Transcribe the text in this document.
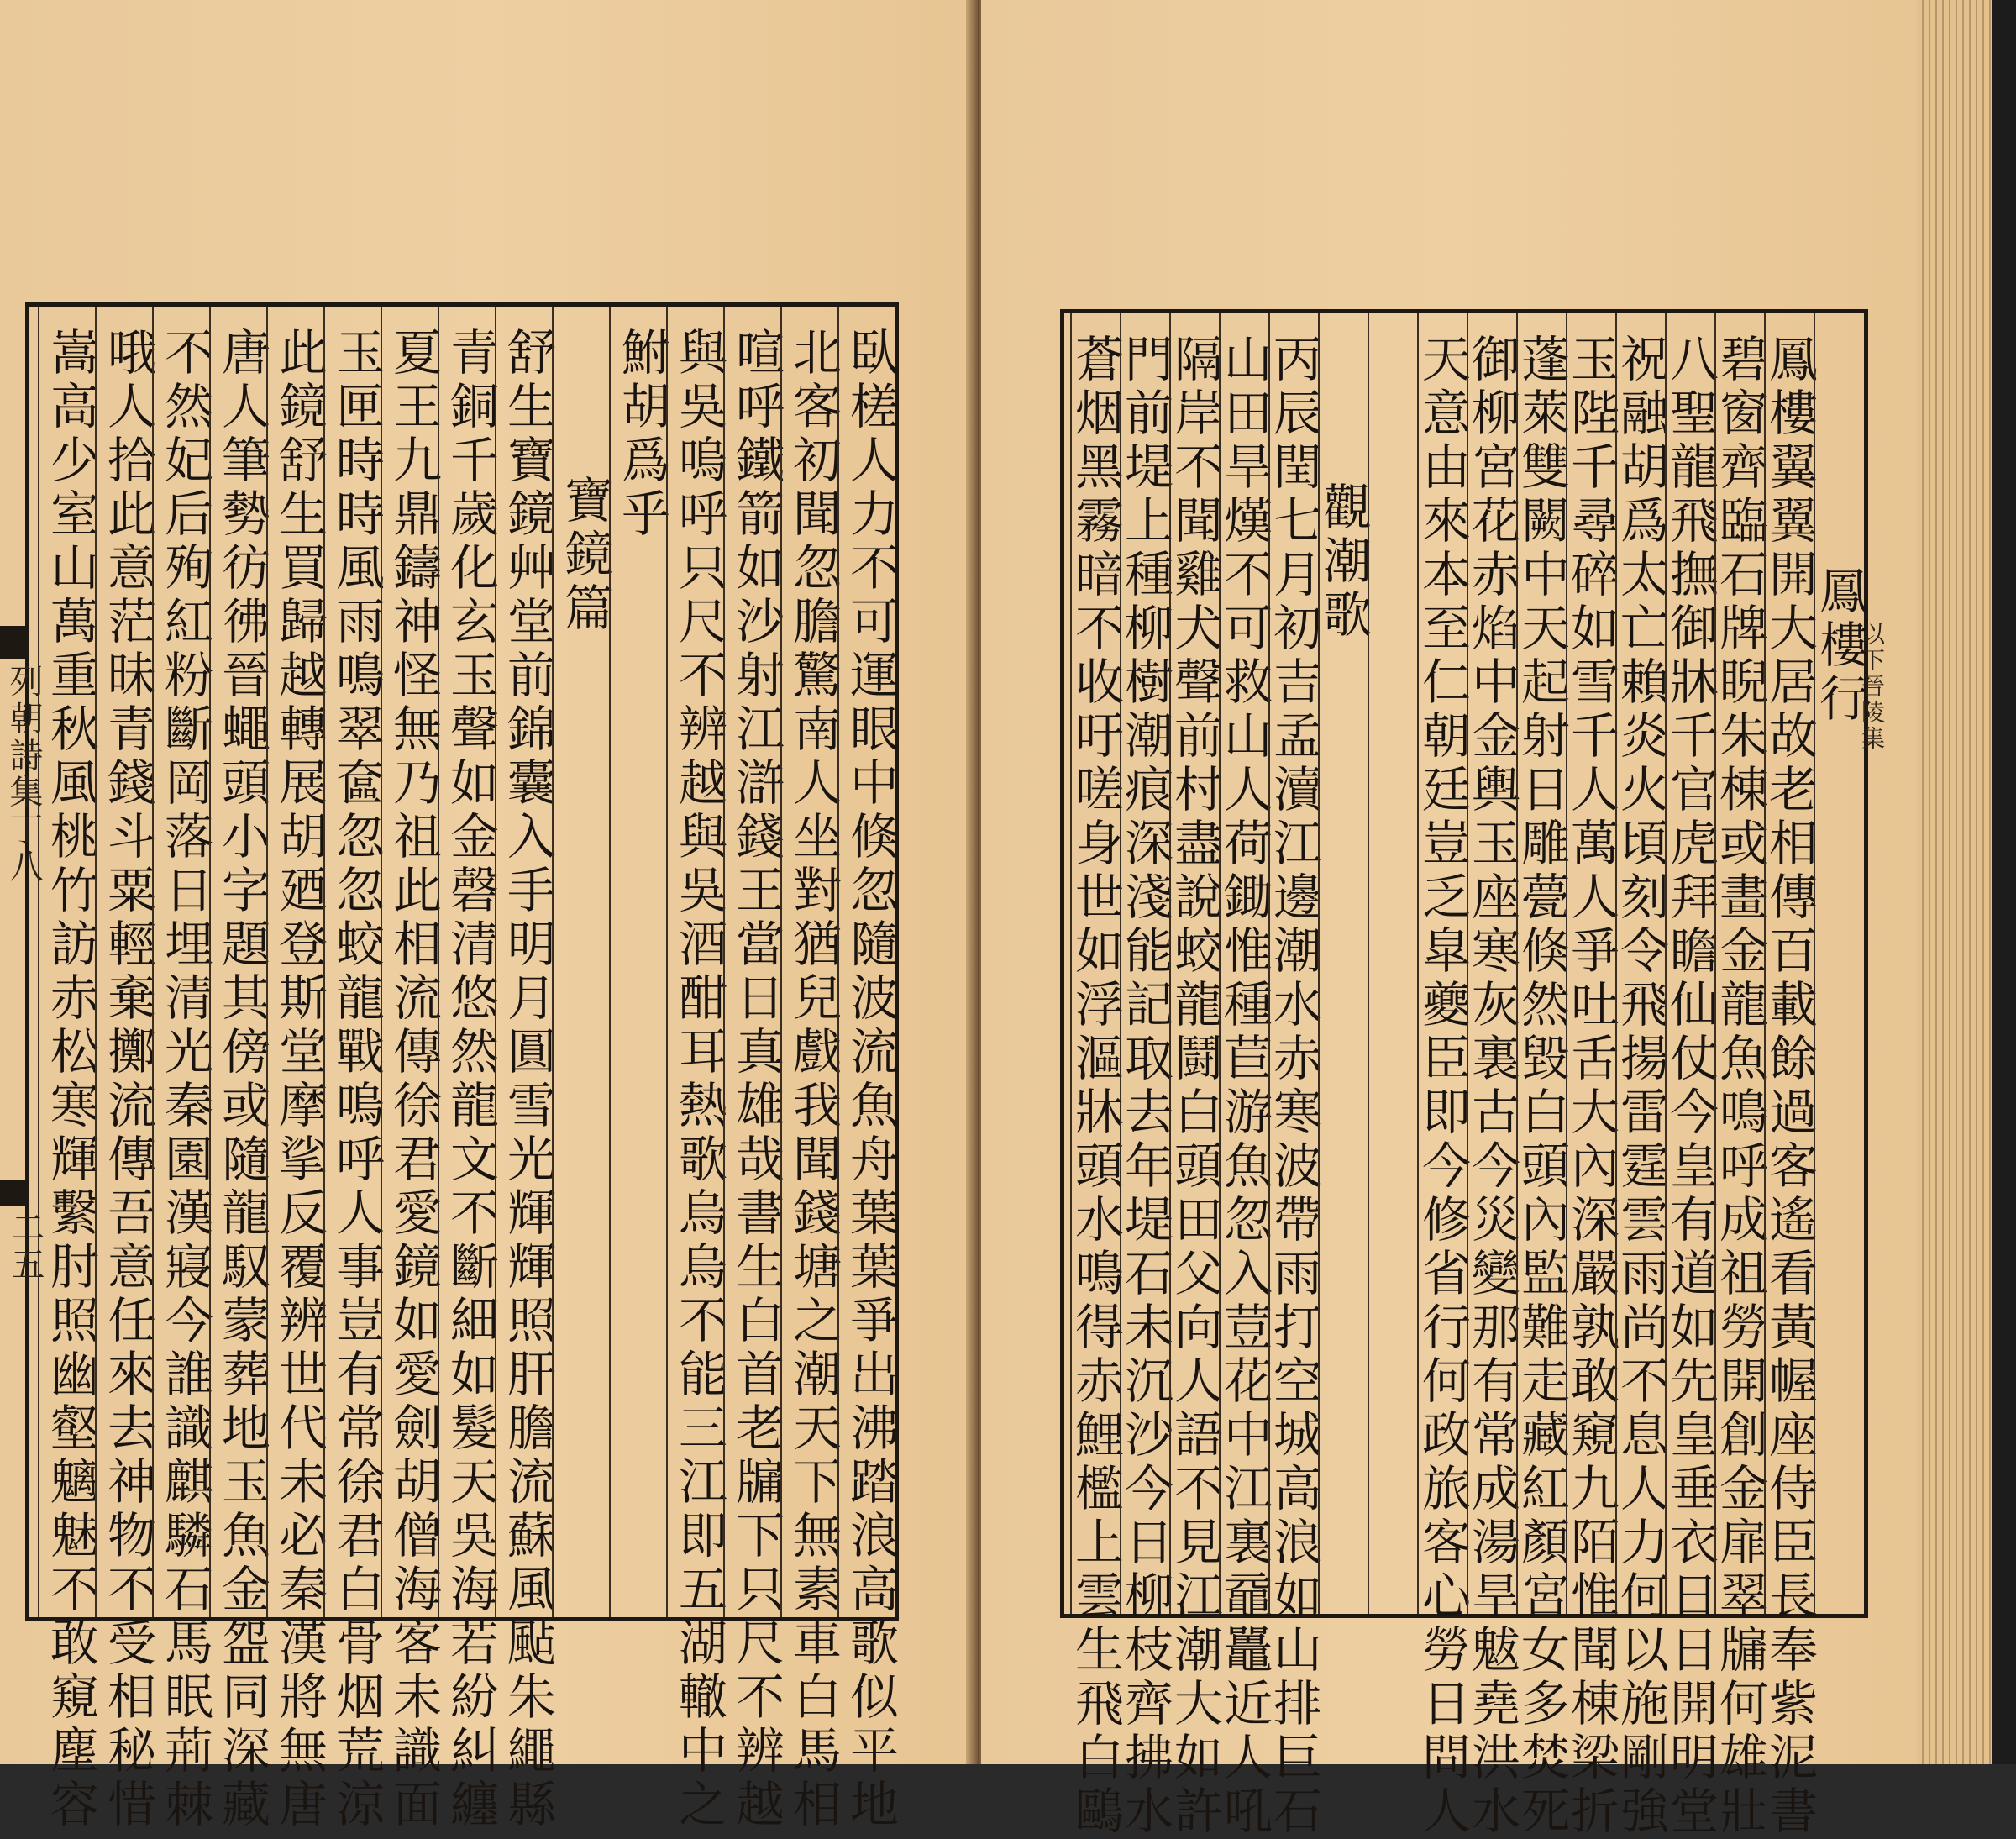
臥槎人力不可運眼中倏忽隨波流魚舟葉葉爭出沸踏浪高歌似平地
北客初聞忽膽驚南人坐對猶兒戲我聞錢塘之潮天下無素車白馬相
喧呼鐵箭如沙射江滸錢王當日真雄哉書生白首老牖下只尺不辨越
與吳嗚呼只尺不辨越與吳酒酣耳熱歌烏烏不能三江即五湖轍中之
鮒胡爲乎
寶鏡篇
舒生寶鏡艸堂前錦囊入手明月圓雪光輝輝照肝膽流蘇風颭朱繩縣
青銅千歲化玄玉聲如金磬清悠然龍文不斷細如髮天吳海若紛糾纏
夏王九鼎鑄神怪無乃祖此相流傳徐君愛鏡如愛劍胡僧海客未識面
玉匣時時風雨鳴翠奩忽忽蛟龍戰嗚呼人事豈有常徐君白骨烟荒涼
此鏡舒生買歸越轉展胡廼登斯堂摩挲反覆辨世代未必秦漢將無唐
唐人筆勢彷彿晉蠅頭小字題其傍或隨龍馭蒙葬地玉魚金盌同深藏
不然妃后殉紅粉斷岡落日埋清光秦園漢寢今誰識麒驎石馬眠荊棘
哦人拾此意茫昧青錢斗粟輕棄擲流傳吾意任來去神物不受相秘惜
嵩高少室山萬重秋風桃竹訪赤松寒輝繫肘照幽壑魑魅不敢窺塵容
列朝詩集丁八
二五
鳳樓行
鳳樓翼翼開大居故老相傳百載餘過客遙看黃幄座侍臣長奉紫泥書
碧窗齊臨石牌睨朱棟或畫金龍魚鳴呼成祖勞開創金扉翠牖何雄壯
八聖龍飛撫御牀千官虎拜瞻仙仗今皇有道如先皇垂衣日日開明堂
祝融胡爲太亡賴炎火頃刻令飛揚雷霆雲雨尚不息人力何以施剛強
玉陛千尋碎如雪千人萬人爭吐舌大內深嚴孰敢窺九陌惟聞棟梁折
蓬萊雙闕中天起射日雕甍倏然毀白頭內監難走藏紅顏宮女多焚死
御柳宮花赤焰中金輿玉座寒灰裏古今災變那有常成湯旱魃堯洪水
天意由來本至仁朝廷豈乏皐夔臣即今修省行何政旅客心勞日問人
觀潮歌
丙辰閏七月初吉孟瀆江邊潮水赤寒波帶雨打空城高浪如山排巨石
山田旱熯不可救山人荷鋤惟種苣游魚忽入荳花中江裏黿鼉近人吼
隔岸不聞雞犬聲前村盡說蛟龍鬪白頭田父向人語不見江潮大如許
門前堤上種柳樹潮痕深淺能記取去年堤石未沉沙今日柳枝齊拂水
蒼烟黑霧暗不收吁嗟身世如浮漚牀頭水鳴得赤鯉檻上雲生飛白鷗	以下晉陵集
